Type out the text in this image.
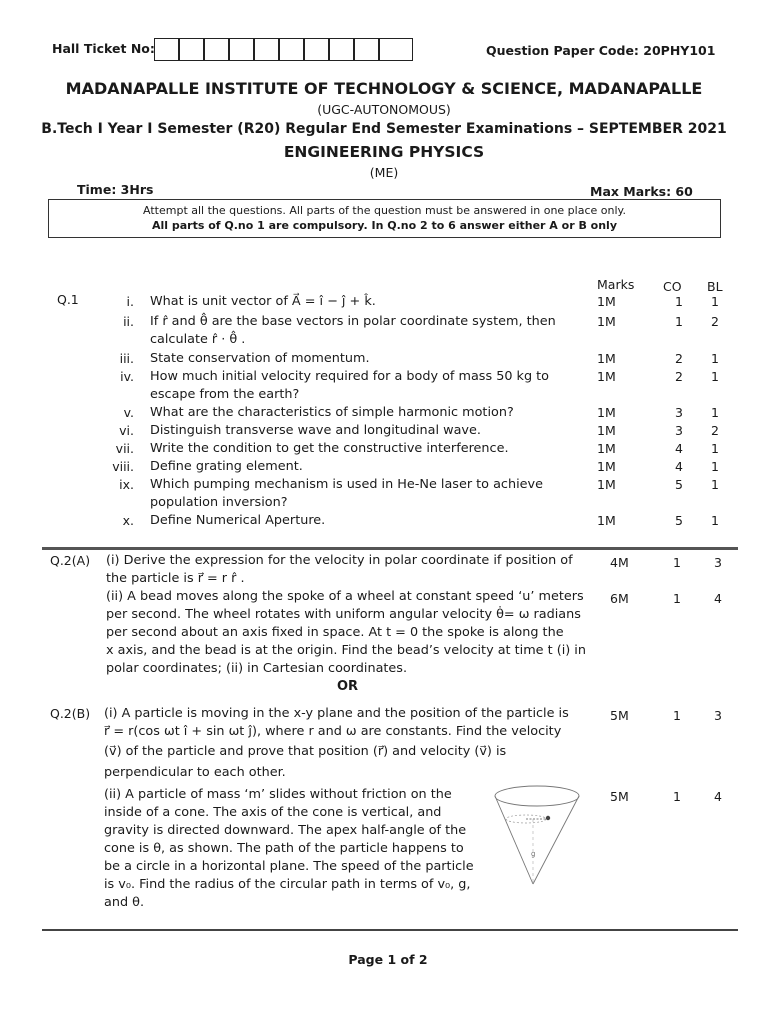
Hall Ticket No:	Question Paper Code: 20PHY101
MADANAPALLE INSTITUTE OF TECHNOLOGY & SCIENCE, MADANAPALLE
(UGC-AUTONOMOUS)
B.Tech I Year I Semester (R20) Regular End Semester Examinations – SEPTEMBER 2021
ENGINEERING PHYSICS
(ME)
Time: 3Hrs	Max Marks: 60
Attempt all the questions. All parts of the question must be answered in one place only.
All parts of Q.no 1 are compulsory. In Q.no 2 to 6 answer either A or B only
Marks CO BL
Q.1	i. What is unit vector of A⃗ = î − ĵ + k̂.	1M	1	1
ii. If r̂ and θ̂ are the base vectors in polar coordinate system, then
calculate r̂ · θ̂ .
1M	1	2
iii. State conservation of momentum.	1M	2	1
iv. How much initial velocity required for a body of mass 50 kg to
escape from the earth?
1M	2	1
v. What are the characteristics of simple harmonic motion?	1M	3	1
vi. Distinguish transverse wave and longitudinal wave.	1M	3	2
vii. Write the condition to get the constructive interference.	1M	4	1
viii. Define grating element.	1M	4	1
ix. Which pumping mechanism is used in He-Ne laser to achieve
population inversion?
1M	5	1
x. Define Numerical Aperture.	1M	5	1
Q.2(A) (i) Derive the expression for the velocity in polar coordinate if position of
the particle is r⃗ = r r̂ .
4M	1	3
(ii) A bead moves along the spoke of a wheel at constant speed ‘u’ meters
per second. The wheel rotates with uniform angular velocity θ̇= ω radians
per second about an axis fixed in space. At t = 0 the spoke is along the
x axis, and the bead is at the origin. Find the bead’s velocity at time t (i) in
polar coordinates; (ii) in Cartesian coordinates.
6M	1	4
OR
Q.2(B) (i) A particle is moving in the x-y plane and the position of the particle is
r⃗ = r(cos ωt î + sin ωt ĵ), where r and ω are constants. Find the velocity
(v⃗) of the particle and prove that position (r⃗) and velocity (v⃗) is
perpendicular to each other.
5M	1	3
(ii) A particle of mass ‘m’ slides without friction on the
inside of a cone. The axis of the cone is vertical, and
gravity is directed downward. The apex half-angle of the
cone is θ, as shown. The path of the particle happens to
be a circle in a horizontal plane. The speed of the particle
is v₀. Find the radius of the circular path in terms of v₀, g,
and θ.
5M	1	4
g
Page 1 of 2
